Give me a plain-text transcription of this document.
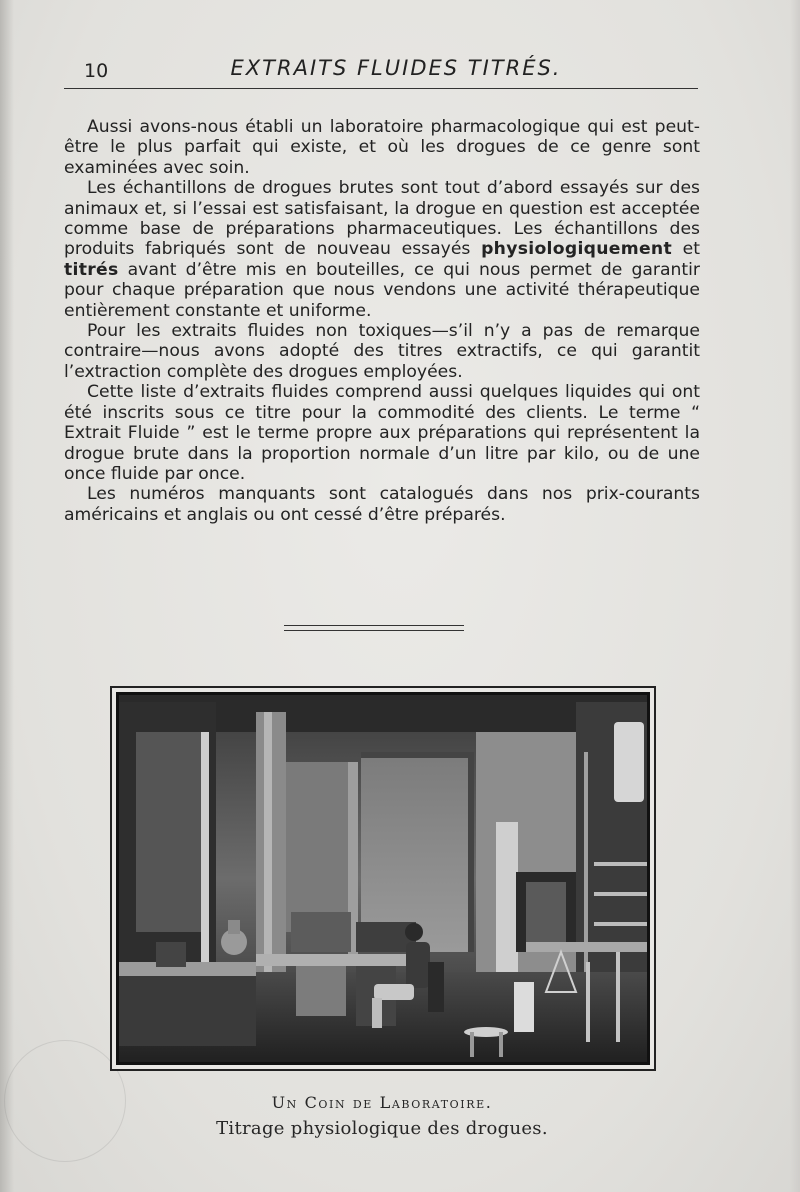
10	EXTRAITS FLUIDES TITRÉS.

Aussi avons-nous établi un laboratoire pharmacologique qui est peut-être le plus parfait qui existe, et où les drogues de ce genre sont examinées avec soin.

Les échantillons de drogues brutes sont tout d’abord essayés sur des animaux et, si l’essai est satisfaisant, la drogue en question est acceptée comme base de préparations pharmaceutiques. Les échantillons des produits fabriqués sont de nouveau essayés physiologiquement et titrés avant d’être mis en bouteilles, ce qui nous permet de garantir pour chaque préparation que nous vendons une activité thérapeutique entièrement constante et uniforme.

Pour les extraits fluides non toxiques—s’il n’y a pas de remarque contraire—nous avons adopté des titres extractifs, ce qui garantit l’extraction complète des drogues employées.

Cette liste d’extraits fluides comprend aussi quelques liquides qui ont été inscrits sous ce titre pour la commodité des clients. Le terme “ Extrait Fluide ” est le terme propre aux préparations qui représentent la drogue brute dans la proportion normale d’un litre par kilo, ou de une once fluide par once.

Les numéros manquants sont catalogués dans nos prix-courants américains et anglais ou ont cessé d’être préparés.

Un Coin de Laboratoire.
Titrage physiologique des drogues.
